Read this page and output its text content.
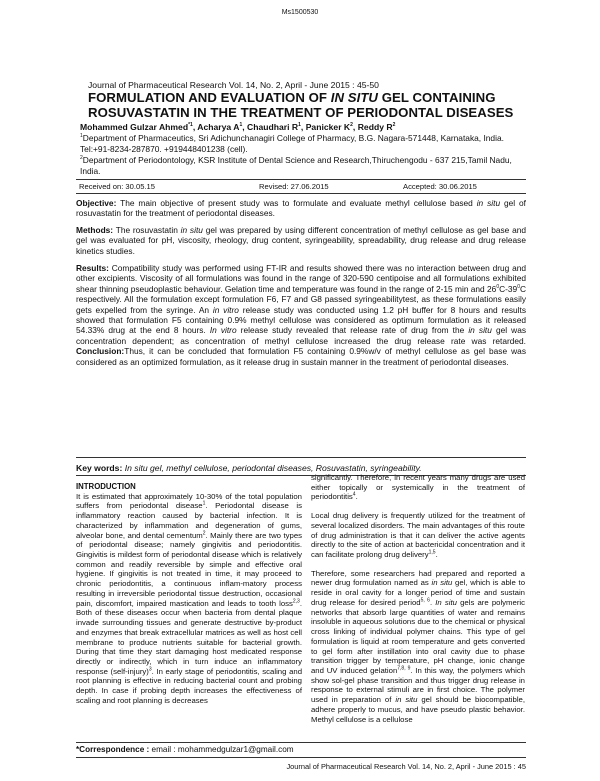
Ms1500530
Journal of Pharmaceutical Research Vol. 14, No. 2, April - June 2015 : 45-50
FORMULATION AND EVALUATION OF IN SITU GEL CONTAINING ROSUVASTATIN IN THE TREATMENT OF PERIODONTAL DISEASES
Mohammed Gulzar Ahmed$^{*1}$, Acharya $A^1$, Chaudhari $R^1$, Panicker $K^2$, Reddy $R^2$
$^1$Department of Pharmaceutics, Sri Adichunchanagiri College of Pharmacy, B.G. Nagara-571448, Karnataka, India. Tel:+91-8234-287870. +919448401238 (cell).
$^2$Department of Periodontology, KSR Institute of Dental Science and Research,Thiruchengodu - 637 215,Tamil Nadu, India.
Received on: 30.05.15	Revised: 27.06.2015	Accepted: 30.06.2015
Objective: The main objective of present study was to formulate and evaluate methyl cellulose based in situ gel of rosuvastatin for the treatment of periodontal diseases.
Methods: The rosuvastatin in situ gel was prepared by using different concentration of methyl cellulose as gel base and gel was evaluated for pH, viscosity, rheology, drug content, syringeability, spreadability, drug release and drug release kinetics studies.
Results: Compatibility study was performed using FT-IR and results showed there was no interaction between drug and other excipients. Viscosity of all formulations was found in the range of 320-590 centipoise and all formulations exhibited shear thinning pseudoplastic behaviour. Gelation time and temperature was found in the range of 2-15 min and $26^0C-39^0C$ respectively. All the formulation except formulation F6, F7 and G8 passed syringeabilitytest, as these formulations easily gets expelled from the syringe. An in vitro release study was conducted using 1.2 pH buffer for 8 hours and results showed that formulation F5 containing 0.9% methyl cellulose was considered as optimum formulation as it released 54.33% drug at the end 8 hours. In vitro release study revealed that release rate of drug from the in situ gel was concentration dependent; as concentration of methyl cellulose increased the drug release rate was retarded. Conclusion:Thus, it can be concluded that formulation F5 containing 0.9%w/v of methyl cellulose as gel base was considered as an optimized formulation, as it release drug in sustain manner in the treatment of periodontal diseases.
Key words: In situ gel, methyl cellulose, periodontal diseases, Rosuvastatin, syringeability.
INTRODUCTION

It is estimated that approximately 10-30% of the total population suffers from periodontal disease$^1$. Periodontal disease is inflammatory reaction caused by bacterial infection. It is characterized by inflammation and degeneration of gums, alveolar bone, and dental cementum$^2$. Mainly there are two types of periodontal disease; namely gingivitis and periodontitis. Gingivitis is mildest form of periodontal disease which is relatively common and readily reversible by simple and effective oral hygiene. If gingivitis is not treated in time, it may proceed to chronic periodontitis, a continuous inflam-matory process resulting in irreversible periodontal tissue destruction, occasional pain, discomfort, impaired mastication and leads to tooth loss$^{2,3}$. Both of these diseases occur when bacteria from dental plaque invade surrounding tissues and generate destructive by-product and enzymes that break extracellular matrices as well as host cell membrane to produce nutrients suitable for bacterial growth. During that time they start damaging host medicated response directly or indirectly, which in turn induce an inflammatory response (self-injury)$^3$. In early stage of periodontitis, scaling and root planning is effective in reducing bacterial count and probing depth. In case if probing depth increases the effectiveness of scaling and root planning is decreases

significantly. Therefore, in recent years many drugs are used either topically or systemically in the treatment of periodontitis$^4$.

Local drug delivery is frequently utilized for the treatment of several localized disorders. The main advantages of this route of drug administration is that it can deliver the active agents directly to the site of action at bactericidal concentration and it can facilitate prolong drug delivery$^{1,5}$.

Therefore, some researchers had prepared and reported a newer drug formulation named as in situ gel, which is able to reside in oral cavity for a longer period of time and sustain drug release for desired period$^{5, 6}$. In situ gels are polymeric networks that absorb large quantities of water and remains insoluble in aqueous solutions due to the chemical or physical cross linking of individual polymer chains. This type of gel formulation is liquid at room temperature and gets converted to gel form after instillation into oral cavity due to phase transition trigger by temperature, pH change, ionic change and UV induced gelation$^{7,8, 9}$. In this way, the polymers which show sol-gel phase transition and thus trigger drug release in response to external stimuli are in first choice. The polymer used in preparation of in situ gel should be biocompatible, adhere properly to mucus, and have pseudo plastic behavior. Methyl cellulose is a cellulose

*Correspondence : email : mohammedgulzar1@gmail.com
Journal of Pharmaceutical Research Vol. 14, No. 2, April - June 2015 : 45
